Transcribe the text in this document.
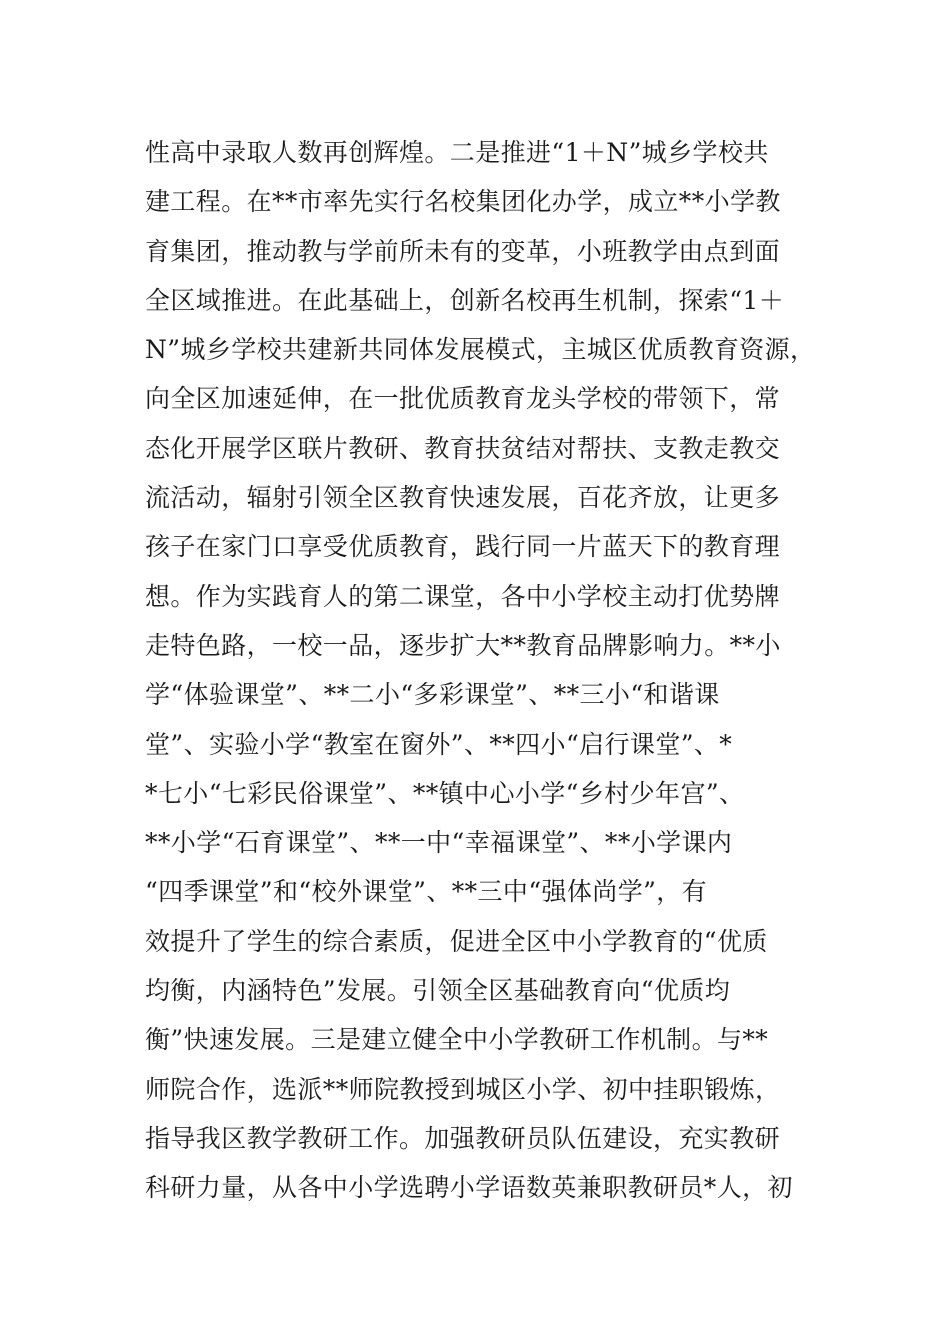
性高中录取人数再创辉煌。二是推进“1＋N”城乡学校共
建工程。在**市率先实行名校集团化办学，成立**小学教
育集团，推动教与学前所未有的变革，小班教学由点到面
全区域推进。在此基础上，创新名校再生机制，探索“1＋
N”城乡学校共建新共同体发展模式，主城区优质教育资源，
向全区加速延伸，在一批优质教育龙头学校的带领下，常
态化开展学区联片教研、教育扶贫结对帮扶、支教走教交
流活动，辐射引领全区教育快速发展，百花齐放，让更多
孩子在家门口享受优质教育，践行同一片蓝天下的教育理
想。作为实践育人的第二课堂，各中小学校主动打优势牌
走特色路，一校一品，逐步扩大**教育品牌影响力。**小
学“体验课堂”、**二小“多彩课堂”、**三小“和谐课
堂”、实验小学“教室在窗外”、**四小“启行课堂”、*
*七小“七彩民俗课堂”、**镇中心小学“乡村少年宫”、
**小学“石育课堂”、**一中“幸福课堂”、**小学课内
“四季课堂”和“校外课堂”、**三中“强体尚学”，有
效提升了学生的综合素质，促进全区中小学教育的“优质
均衡，内涵特色”发展。引领全区基础教育向“优质均
衡”快速发展。三是建立健全中小学教研工作机制。与**
师院合作，选派**师院教授到城区小学、初中挂职锻炼，
指导我区教学教研工作。加强教研员队伍建设，充实教研
科研力量，从各中小学选聘小学语数英兼职教研员*人，初
